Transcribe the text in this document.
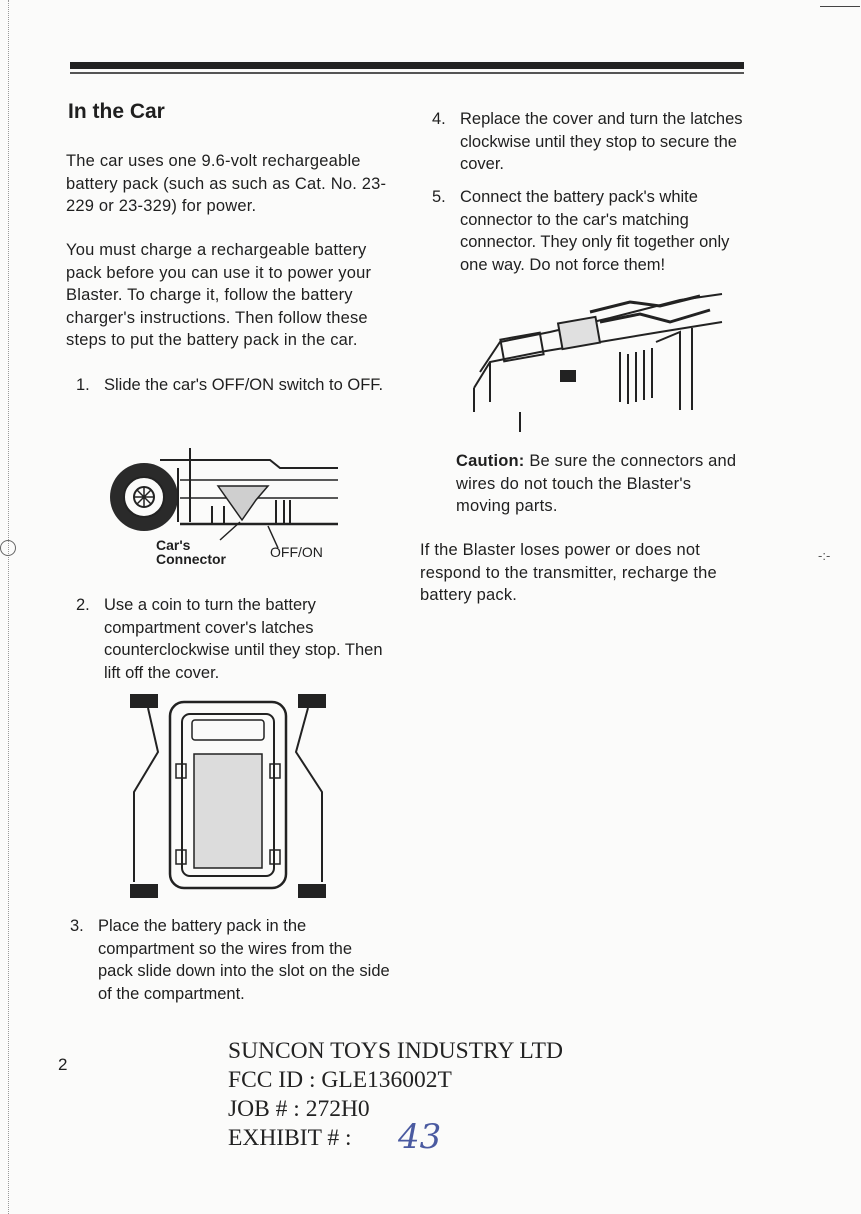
In the Car
The car uses one 9.6-volt rechargeable battery pack (such as such as Cat. No. 23-229 or 23-329) for power.
You must charge a rechargeable battery pack before you can use it to power your Blaster. To charge it, follow the battery charger's instructions. Then follow these steps to put the battery pack in the car.
1. Slide the car's OFF/ON switch to OFF.
Car's Connector	OFF/ON
2. Use a coin to turn the battery compartment cover's latches counterclockwise until they stop. Then lift off the cover.
3. Place the battery pack in the compartment so the wires from the pack slide down into the slot on the side of the compartment.
4. Replace the cover and turn the latches clockwise until they stop to secure the cover.
5. Connect the battery pack's white connector to the car's matching connector. They only fit together only one way. Do not force them!
Caution: Be sure the connectors and wires do not touch the Blaster's moving parts.
If the Blaster loses power or does not respond to the transmitter, recharge the battery pack.
2
SUNCON TOYS INDUSTRY LTD
FCC ID : GLE136002T
JOB # : 272H0
EXHIBIT # : 43
-:-
